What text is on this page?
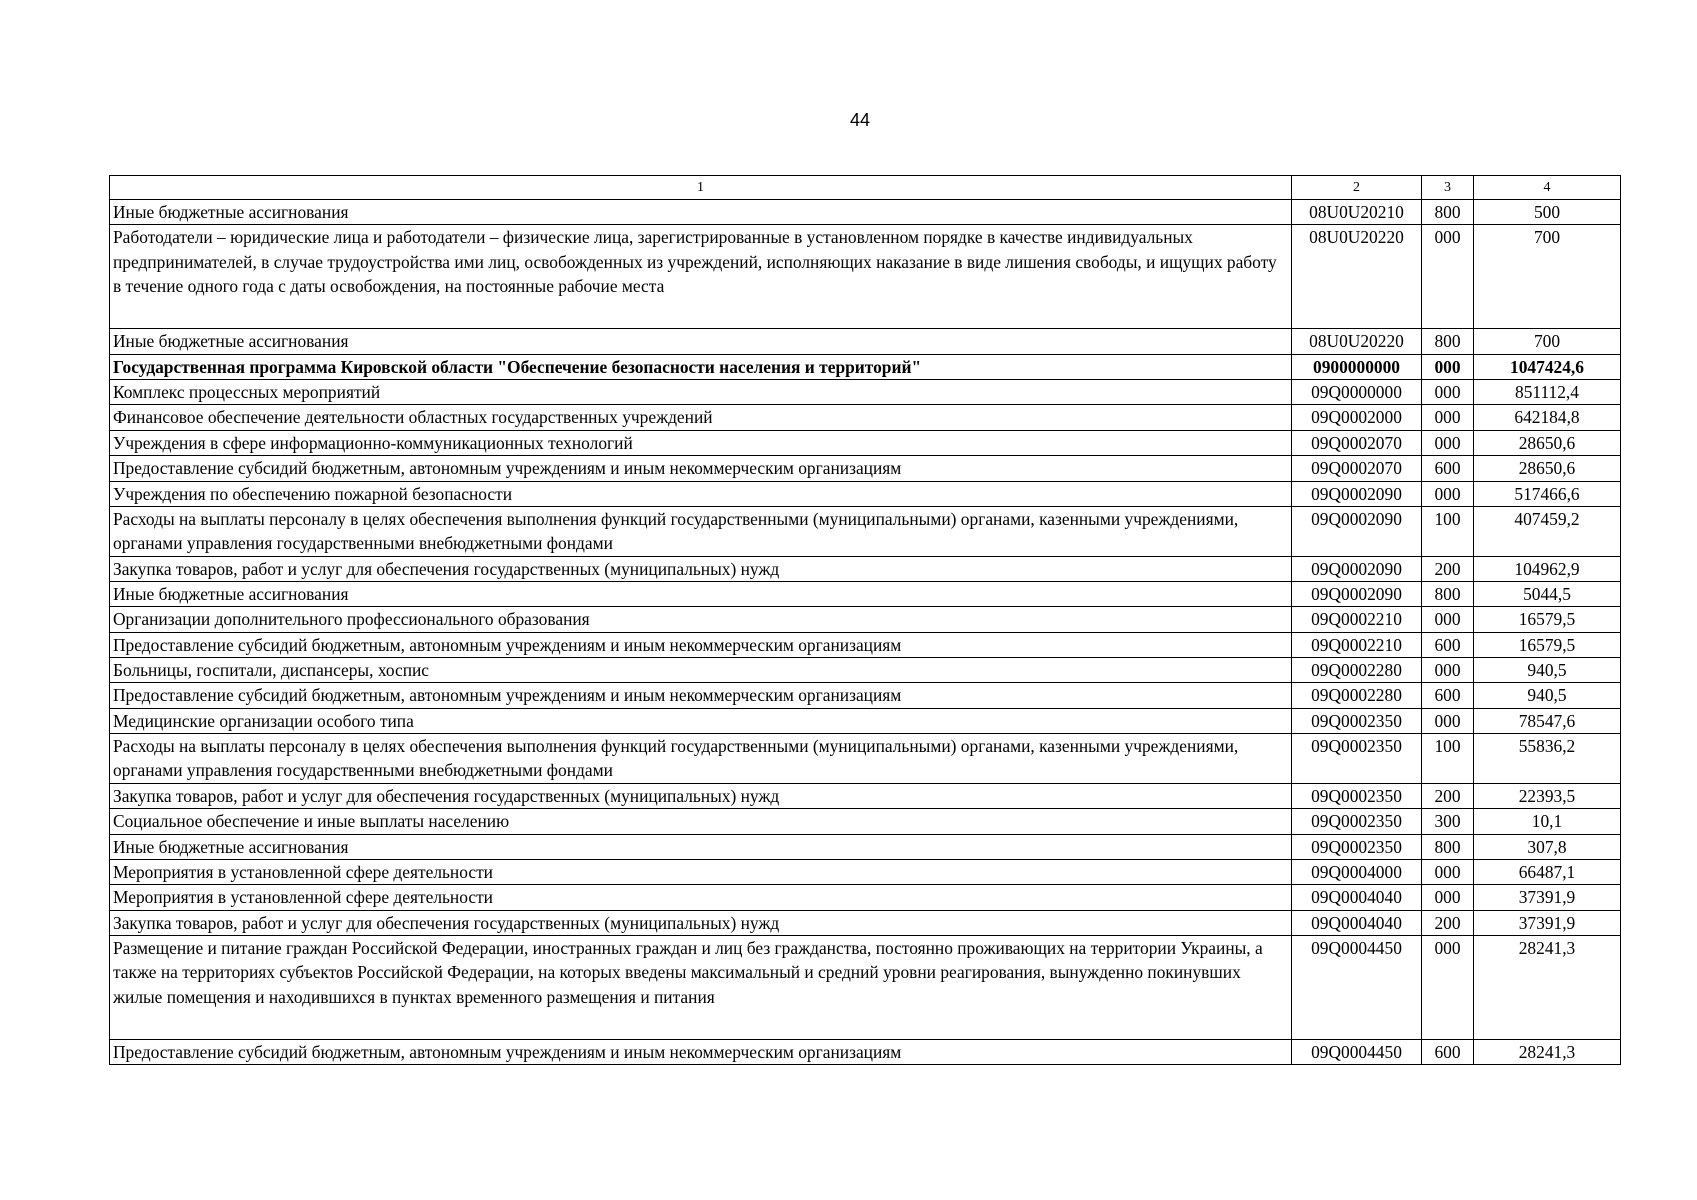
44
1	2	3	4
Иные бюджетные ассигнования	08U0U20210	800	500
Работодатели – юридические лица и работодатели – физические лица, зарегистрированные в установленном порядке в качестве индивидуальных предпринимателей, в случае трудоустройства ими лиц, освобожденных из учреждений, исполняющих наказание в виде лишения свободы, и ищущих работу в течение одного года с даты освобождения, на постоянные рабочие места	08U0U20220	000	700
Иные бюджетные ассигнования	08U0U20220	800	700
Государственная программа Кировской области "Обеспечение безопасности населения и территорий"	0900000000	000	1047424,6
Комплекс процессных мероприятий	09Q0000000	000	851112,4
Финансовое обеспечение деятельности областных государственных учреждений	09Q0002000	000	642184,8
Учреждения в сфере информационно-коммуникационных технологий	09Q0002070	000	28650,6
Предоставление субсидий бюджетным, автономным учреждениям и иным некоммерческим организациям	09Q0002070	600	28650,6
Учреждения по обеспечению пожарной безопасности	09Q0002090	000	517466,6
Расходы на выплаты персоналу в целях обеспечения выполнения функций государственными (муниципальными) органами, казенными учреждениями, органами управления государственными внебюджетными фондами	09Q0002090	100	407459,2
Закупка товаров, работ и услуг для обеспечения государственных (муниципальных) нужд	09Q0002090	200	104962,9
Иные бюджетные ассигнования	09Q0002090	800	5044,5
Организации дополнительного профессионального образования	09Q0002210	000	16579,5
Предоставление субсидий бюджетным, автономным учреждениям и иным некоммерческим организациям	09Q0002210	600	16579,5
Больницы, госпитали, диспансеры, хоспис	09Q0002280	000	940,5
Предоставление субсидий бюджетным, автономным учреждениям и иным некоммерческим организациям	09Q0002280	600	940,5
Медицинские организации особого типа	09Q0002350	000	78547,6
Расходы на выплаты персоналу в целях обеспечения выполнения функций государственными (муниципальными) органами, казенными учреждениями, органами управления государственными внебюджетными фондами	09Q0002350	100	55836,2
Закупка товаров, работ и услуг для обеспечения государственных (муниципальных) нужд	09Q0002350	200	22393,5
Социальное обеспечение и иные выплаты населению	09Q0002350	300	10,1
Иные бюджетные ассигнования	09Q0002350	800	307,8
Мероприятия в установленной сфере деятельности	09Q0004000	000	66487,1
Мероприятия в установленной сфере деятельности	09Q0004040	000	37391,9
Закупка товаров, работ и услуг для обеспечения государственных (муниципальных) нужд	09Q0004040	200	37391,9
Размещение и питание граждан Российской Федерации, иностранных граждан и лиц без гражданства, постоянно проживающих на территории Украины, а также на территориях субъектов Российской Федерации, на которых введены максимальный и средний уровни реагирования, вынужденно покинувших жилые помещения и находившихся в пунктах временного размещения и питания	09Q0004450	000	28241,3
Предоставление субсидий бюджетным, автономным учреждениям и иным некоммерческим организациям	09Q0004450	600	28241,3
